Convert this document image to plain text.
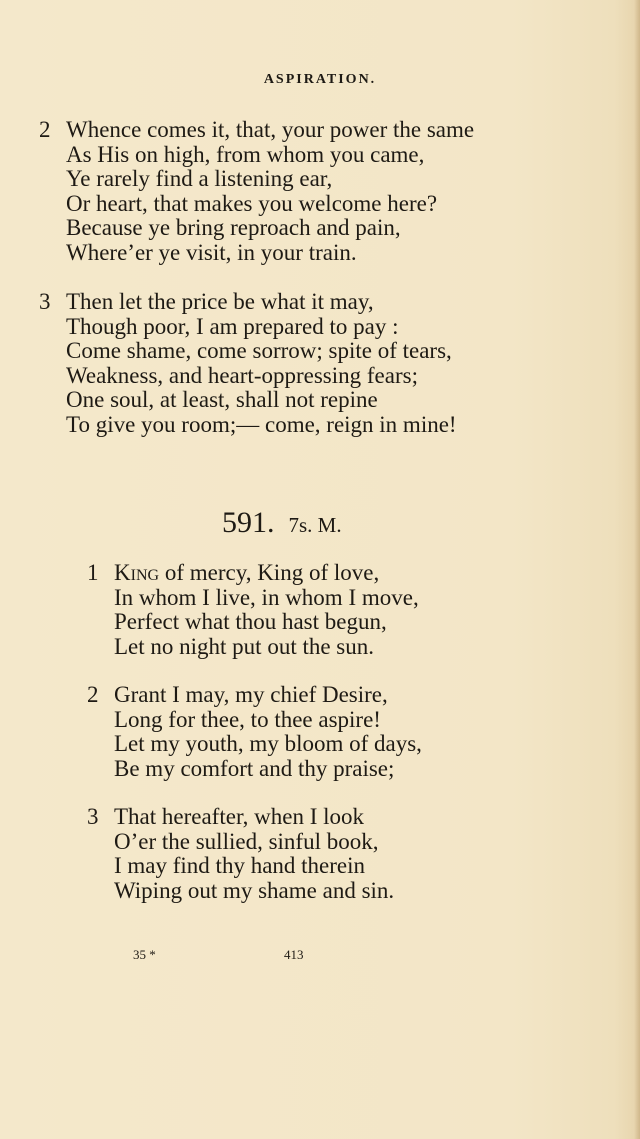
ASPIRATION.
2 Whence comes it, that, your power the same
As His on high, from whom you came,
Ye rarely find a listening ear,
Or heart, that makes you welcome here?
Because ye bring reproach and pain,
Where’er ye visit, in your train.
3 Then let the price be what it may,
Though poor, I am prepared to pay :
Come shame, come sorrow; spite of tears,
Weakness, and heart-oppressing fears;
One soul, at least, shall not repine
To give you room;— come, reign in mine!
591. 7s. M.
1 King of mercy, King of love,
In whom I live, in whom I move,
Perfect what thou hast begun,
Let no night put out the sun.
2 Grant I may, my chief Desire,
Long for thee, to thee aspire!
Let my youth, my bloom of days,
Be my comfort and thy praise;
3 That hereafter, when I look
O’er the sullied, sinful book,
I may find thy hand therein
Wiping out my shame and sin.
35 *	413
